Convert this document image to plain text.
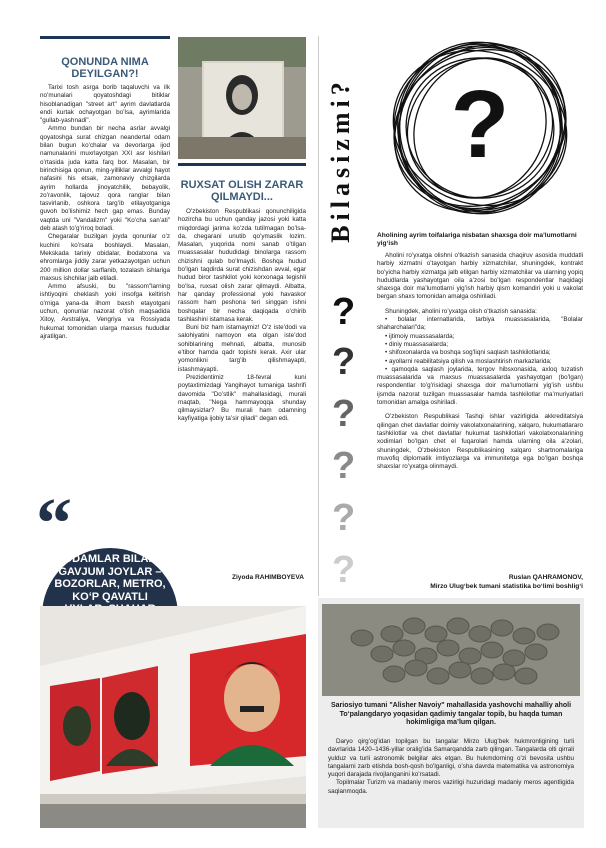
QONUNDA NIMA DEYILGAN?!

Tarixi tosh asrga borib taqaluvchi va ilk noʻmunalari qoyatoshdagi bitiklar hisoblanadigan "street art" ayrim davlatlarda endi kurtak ochayotgan boʻlsa, ayrimlarida "gullab-yashnadi".

Ammo bundan bir necha asrlar avvalgi qoyatoshga surat chizgan neandertal odam bilan bugun koʻchalar va devorlarga ijod namunalarini muxrlayotgan XXI asr kishilari oʻrtasida juda katta farq bor. Masalan, bir birinchisiga qonun, ming-yilliklar avvalgi hayot nafasini his etsak, zamonaviy chizgilarda ayrim hollarda jinoyatchilik, bebayolik, zoʻravonlik, tajovuz qora ranglar bilan tasvirlanib, oshkora targʻib etilayotganiga guvoh boʻlishimiz hech gap emas. Bunday vaqtda uni "Vandalizm" yoki "Koʻcha sanʼati" deb atash toʻgʻriroq boladi.

Chegaralar buzilgan joyda qonunlar oʻz kuchini koʻrsata boshlaydi. Masalan, Mekskada tarixiy obidalar, ibodatxona va ehromlarga jiddiy zarar yetkazayotgan uchun 200 million dollar sarflanib, tozalash ishlariga maxsus ishchilar jalb etiladi.

Ammo afsuski, bu "rassom"larning ishtiyoqini cheklash yoki insofga keltirish oʻrniga yana-da ilhom baxsh etayotgani uchun, qonunlar nazorat oʻtish maqsadida Xitoy, Avstraliya, Vengriya va Rossiyada hukumat tomonidan ularga maxsus hududlar ajratilgan.

RUXSAT OLISH ZARAR QILMAYDI...

Oʻzbekiston Respublikasi qonunchiligida hozircha bu uchun qanday jazosi yoki katta miqdordagi jarima koʻzda tutilmagan boʻlsa-da, chegarani unutib qoʻymaslik lozim. Masalan, yuqorida nomi sanab oʻtilgan muassasalar hududidagi binolarga rassom chizishni qulab boʻlmaydi. Boshqa hudud boʻlgan taqdirda surat chizishdan avval, egar hudud biror tashkilot yoki korxonaga tegishli boʻlsa, ruxsat olish zarar qilmaydi. Albatta, har qanday professional yoki havaskor rassom ham peshona teri singgan ishni boshqalar bir necha daqiqada oʻchirib tashlashini istamasa kerak.

Buni biz ham istamaymiz! Oʻz isteʼdodi va salohiyatini namoyon eta olgan isteʼdod sohiblarining mehnati, albatta, munosib eʼtibor hamda qadr topishi kerak. Axir ular yomonlikni targʻib qilishmayapti, istashmayapti.

Prezidentimiz 18-fevral kuni poytaxtimizdagi Yangihayot tumaniga tashrifi davomida "Doʻstlik" mahallasidagi, murali maqtab, "Nega hammayoqqa shunday qilmaysizlar? Bu murali ham odamning kayfiyatiga ijobiy taʼsir qiladi" degan edi.

Ziyoda RAHIMBOYEVA
“
ODAMLAR BILAN GAVJUM JOYLAR – BOZORLAR, METRO, KOʻP QAVATLI
Bilasizmi?
?
?
?
?
?
?
?
Aholining ayrim toifalariga nisbatan shaxsga doir maʼlumotlarni yigʻish

Aholini roʻyxatga olishni oʻtkazish sanasida chaqiruv asosida muddatli harbiy xizmatni oʻtayotgan harbiy xizmatchilar, shuningdek, kontrakt boʻyicha harbiy xizmatga jalb etilgan harbiy xizmatchilar va ularning yopiq hududlarda yashayotgan oila aʼzosi boʻlgan respondentlar haqidagi shaxsga doir maʼlumotlarni yigʻish harbiy qism komandiri yoki u vakolat bergan shaxs tomonidan amalga oshiriladi.

Shuningdek, aholini roʻyxatga olish oʻtkazish sanasida:

• bolalar internatlarida, tarbiya muassasalarida, "Bolalar shaharchalari"da;

• ijtimoiy muassasalarda;

• diniy muassasalarda;

• shifoxonalarda va boshqa sogʻliqni saqlash tashkilotlarida;

• ayollarni reabilitatsiya qilish va moslashtirish markazlarida;

• qamoqda saqlash joylarida, tergov hibsxonasida, axloq tuzatish muassasalarida va maxsus muassasalarda yashayotgan (boʻlgan) respondentlar toʻgʻrisidagi shaxsga doir maʼlumotlarni yigʻish ushbu ijsmda nazorat tuzilgan muassasalar hamda tashkilotlar maʼmuriyatlari tomonidan amalga oshiriladi.

Oʻzbekiston Respublikasi Tashqi ishlar vazirligida akkreditatsiya qilingan chet davlatlar doimiy vakolatxonalarining, xalqaro, hukumatlararo tashkilotlar va chet davlatlar hukumat tashkilotlari vakolatxonalarining xodimlari boʻlgan chet el fuqarolari hamda ularning oila aʼzolari, shuningdek, Oʻzbekiston Respublikasining xalqaro shartnomalariga muvofiq diplomatik imtiyozlarga va immunitetga ega boʻlgan boshqa shaxslar roʻyxatga olinmaydi.

Ruslan QAHRAMONOV,
Mirzo Ulugʻbek tumani statistika boʻlimi boshligʻi
Sariosiyo tumani "Alisher Navoiy" mahallasida yashovchi mahalliy aholi Toʻpalangdaryo yoqasidan qadimiy tangalar topib, bu haqda tuman hokimligiga maʼlum qilgan.

Daryo qirgʻogʻidan topilgan bu tangalar Mirzo Ulugʻbek hukmronligining turli davrlarida 1420–1436-yillar oraligʻida Samarqanddа zarb qilingan. Tangalarda olti qirrali yulduz va turli astronomik belgilar aks etgan. Bu hukmdorning oʻzi bevosita ushbu tangalarni zarb etishda bosh-qosh boʻlganligi, oʻsha davrda matematika va astronomiya yuqori darajada rivojlanganini koʻrsatadi.

Topilmalar Turizm va madaniy meros vazirligi huzuridagi madaniy meros agentligida saqlanmoqda.
